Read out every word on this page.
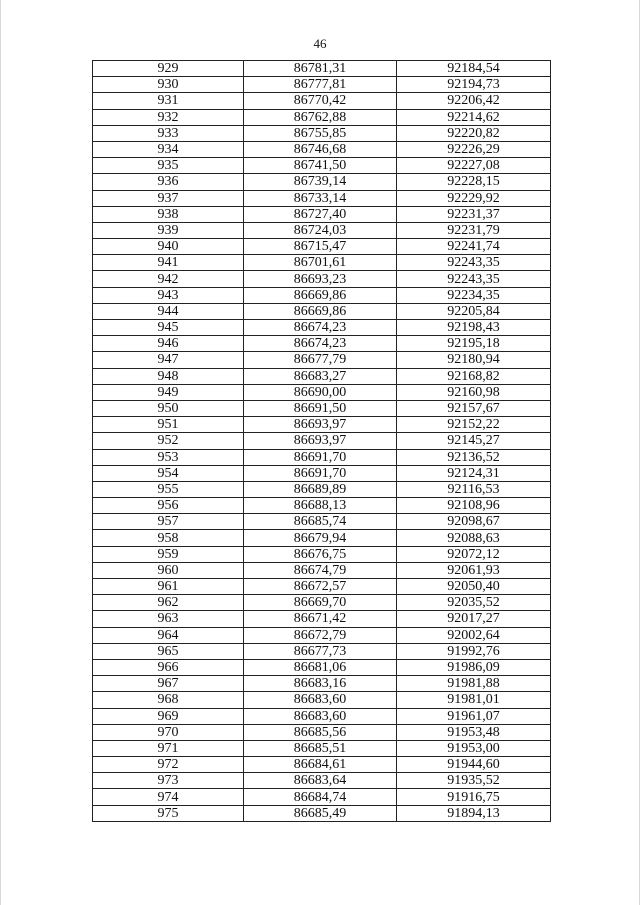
46
929	86781,31	92184,54
930	86777,81	92194,73
931	86770,42	92206,42
932	86762,88	92214,62
933	86755,85	92220,82
934	86746,68	92226,29
935	86741,50	92227,08
936	86739,14	92228,15
937	86733,14	92229,92
938	86727,40	92231,37
939	86724,03	92231,79
940	86715,47	92241,74
941	86701,61	92243,35
942	86693,23	92243,35
943	86669,86	92234,35
944	86669,86	92205,84
945	86674,23	92198,43
946	86674,23	92195,18
947	86677,79	92180,94
948	86683,27	92168,82
949	86690,00	92160,98
950	86691,50	92157,67
951	86693,97	92152,22
952	86693,97	92145,27
953	86691,70	92136,52
954	86691,70	92124,31
955	86689,89	92116,53
956	86688,13	92108,96
957	86685,74	92098,67
958	86679,94	92088,63
959	86676,75	92072,12
960	86674,79	92061,93
961	86672,57	92050,40
962	86669,70	92035,52
963	86671,42	92017,27
964	86672,79	92002,64
965	86677,73	91992,76
966	86681,06	91986,09
967	86683,16	91981,88
968	86683,60	91981,01
969	86683,60	91961,07
970	86685,56	91953,48
971	86685,51	91953,00
972	86684,61	91944,60
973	86683,64	91935,52
974	86684,74	91916,75
975	86685,49	91894,13
